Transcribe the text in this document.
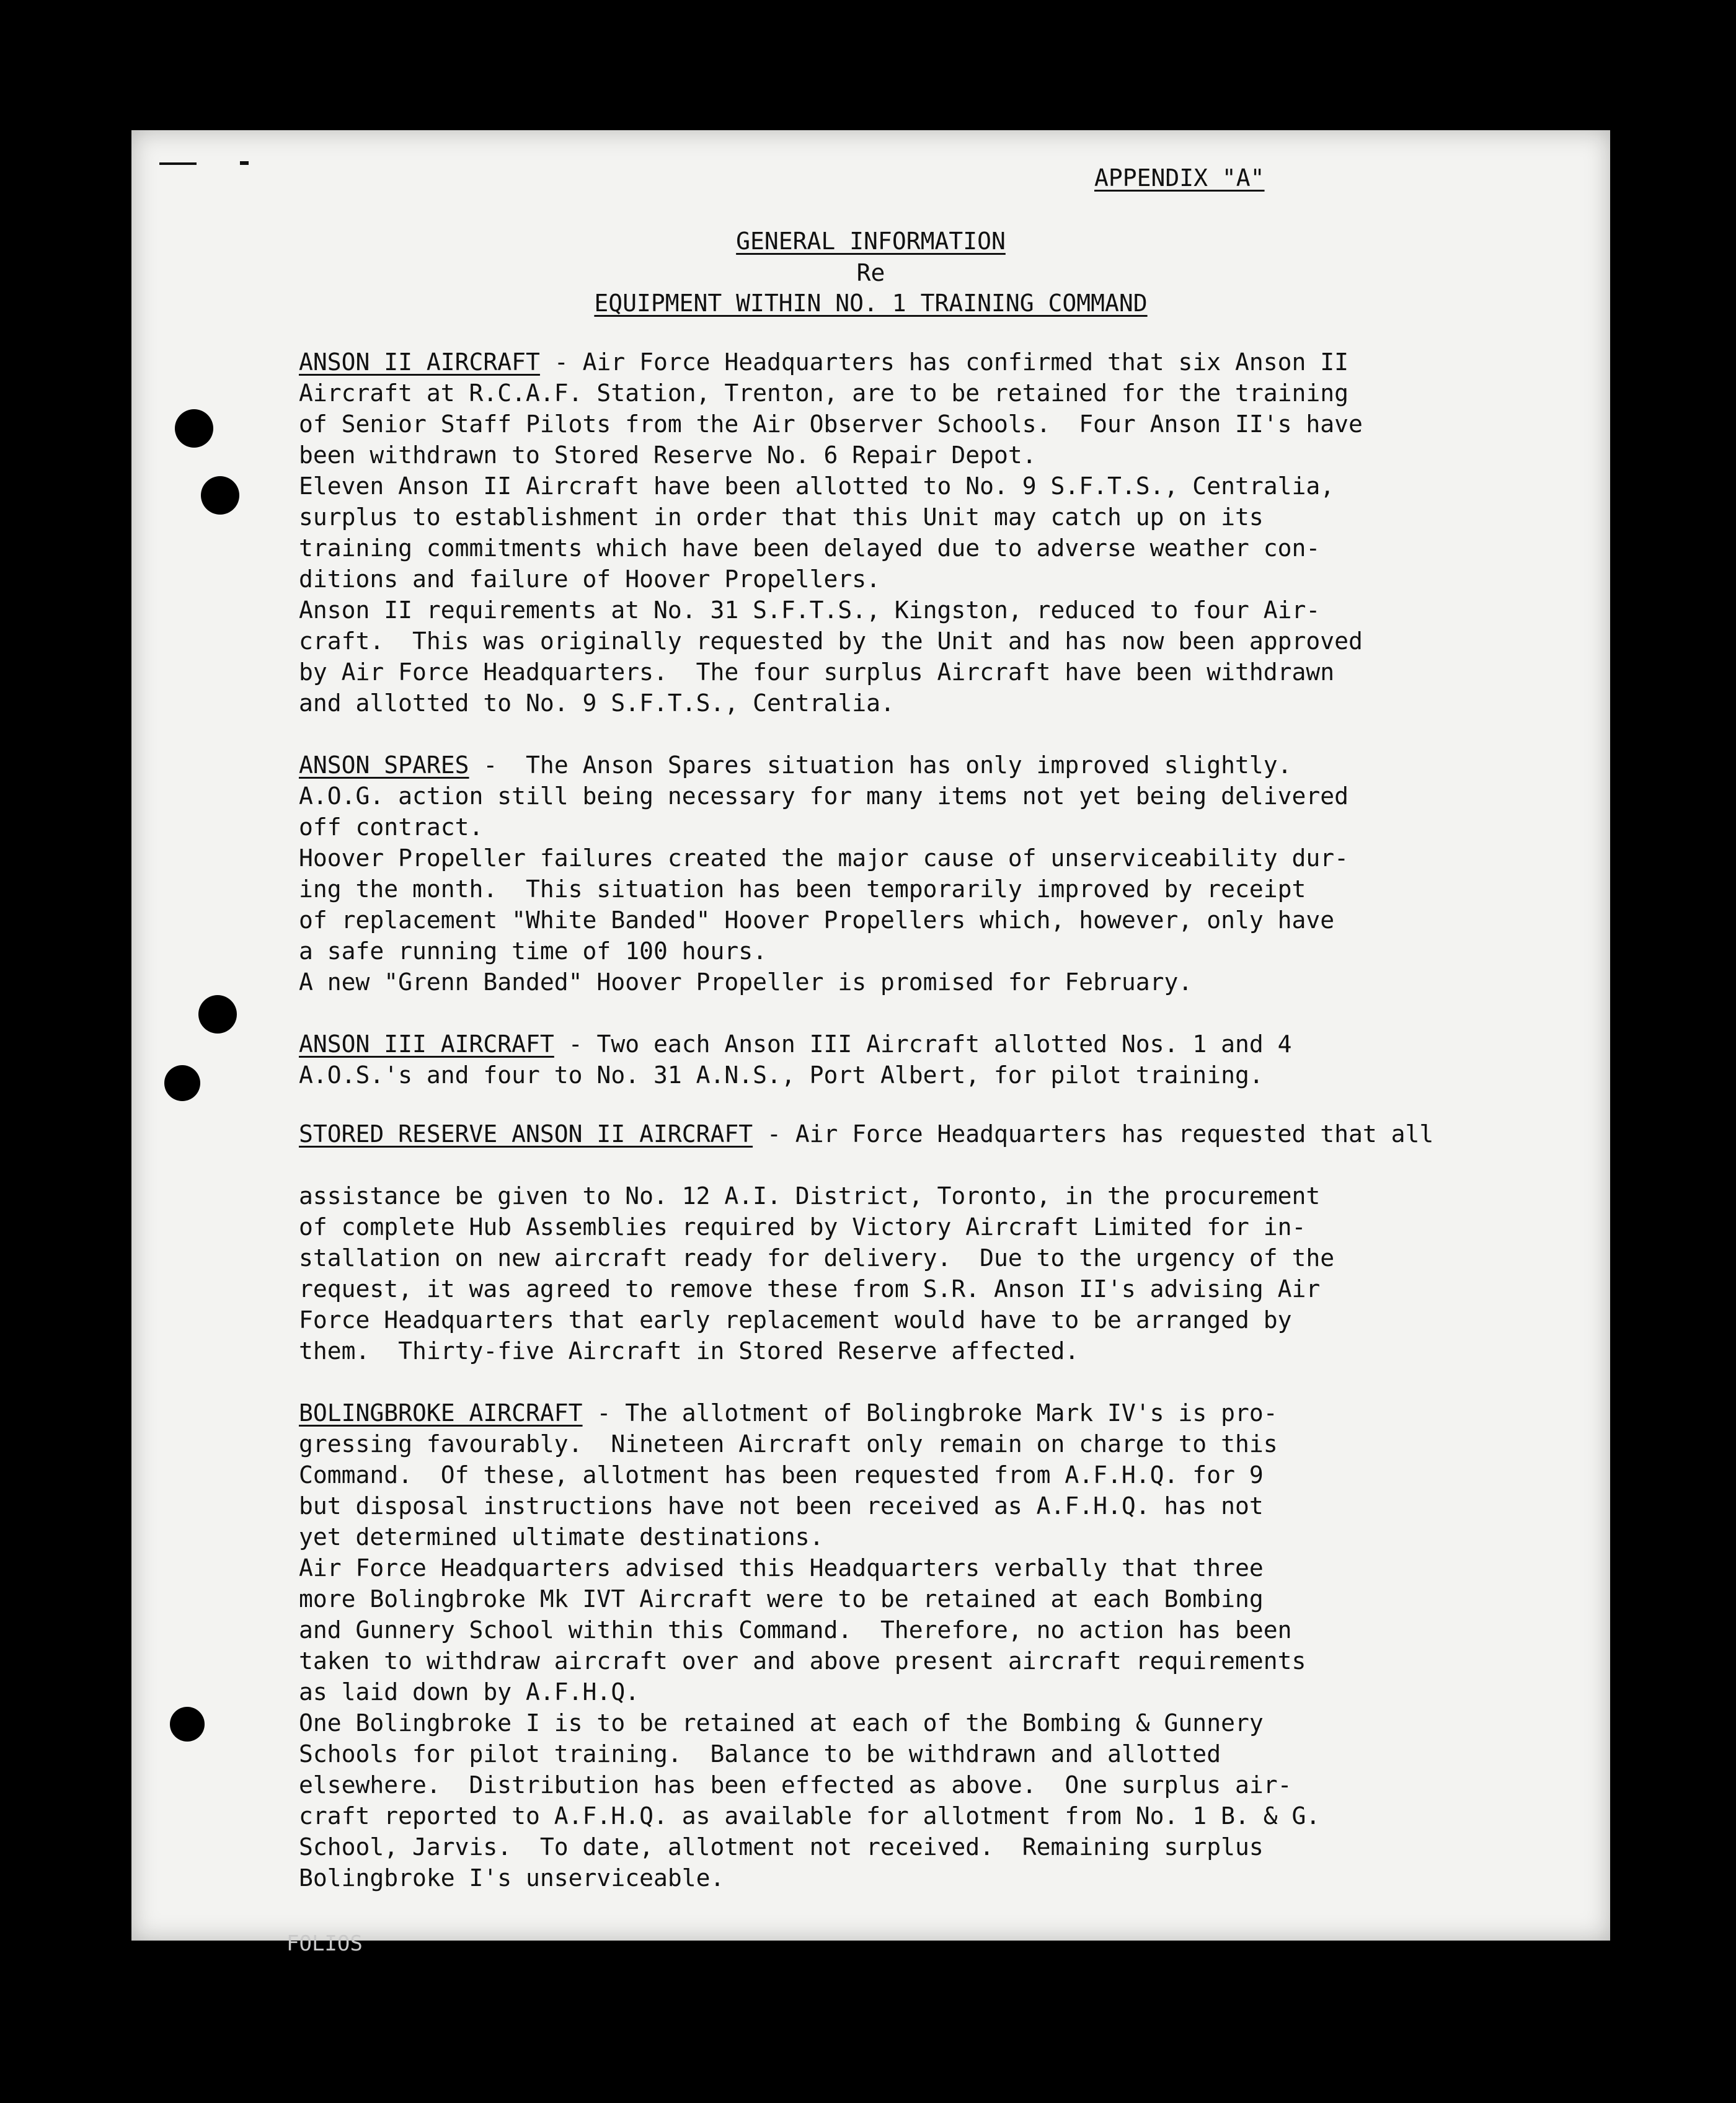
APPENDIX "A"
GENERAL INFORMATION
Re
EQUIPMENT WITHIN NO. 1 TRAINING COMMAND
ANSON II AIRCRAFT - Air Force Headquarters has confirmed that six Anson II
Aircraft at R.C.A.F. Station, Trenton, are to be retained for the training
of Senior Staff Pilots from the Air Observer Schools.  Four Anson II's have
been withdrawn to Stored Reserve No. 6 Repair Depot.
Eleven Anson II Aircraft have been allotted to No. 9 S.F.T.S., Centralia,
surplus to establishment in order that this Unit may catch up on its
training commitments which have been delayed due to adverse weather con-
ditions and failure of Hoover Propellers.
Anson II requirements at No. 31 S.F.T.S., Kingston, reduced to four Air-
craft.  This was originally requested by the Unit and has now been approved
by Air Force Headquarters.  The four surplus Aircraft have been withdrawn
and allotted to No. 9 S.F.T.S., Centralia.
ANSON SPARES -  The Anson Spares situation has only improved slightly.
A.O.G. action still being necessary for many items not yet being delivered
off contract.
Hoover Propeller failures created the major cause of unserviceability dur-
ing the month.  This situation has been temporarily improved by receipt
of replacement "White Banded" Hoover Propellers which, however, only have
a safe running time of 100 hours.
A new "Grenn Banded" Hoover Propeller is promised for February.
ANSON III AIRCRAFT - Two each Anson III Aircraft allotted Nos. 1 and 4
A.O.S.'s and four to No. 31 A.N.S., Port Albert, for pilot training.
STORED RESERVE ANSON II AIRCRAFT - Air Force Headquarters has requested that all
assistance be given to No. 12 A.I. District, Toronto, in the procurement
of complete Hub Assemblies required by Victory Aircraft Limited for in-
stallation on new aircraft ready for delivery.  Due to the urgency of the
request, it was agreed to remove these from S.R. Anson II's advising Air
Force Headquarters that early replacement would have to be arranged by
them.  Thirty-five Aircraft in Stored Reserve affected.
BOLINGBROKE AIRCRAFT - The allotment of Bolingbroke Mark IV's is pro-
gressing favourably.  Nineteen Aircraft only remain on charge to this
Command.  Of these, allotment has been requested from A.F.H.Q. for 9
but disposal instructions have not been received as A.F.H.Q. has not
yet determined ultimate destinations.
Air Force Headquarters advised this Headquarters verbally that three
more Bolingbroke Mk IVT Aircraft were to be retained at each Bombing
and Gunnery School within this Command.  Therefore, no action has been
taken to withdraw aircraft over and above present aircraft requirements
as laid down by A.F.H.Q.
One Bolingbroke I is to be retained at each of the Bombing & Gunnery
Schools for pilot training.  Balance to be withdrawn and allotted
elsewhere.  Distribution has been effected as above.  One surplus air-
craft reported to A.F.H.Q. as available for allotment from No. 1 B. & G.
School, Jarvis.  To date, allotment not received.  Remaining surplus
Bolingbroke I's unserviceable.
FOLIOS
